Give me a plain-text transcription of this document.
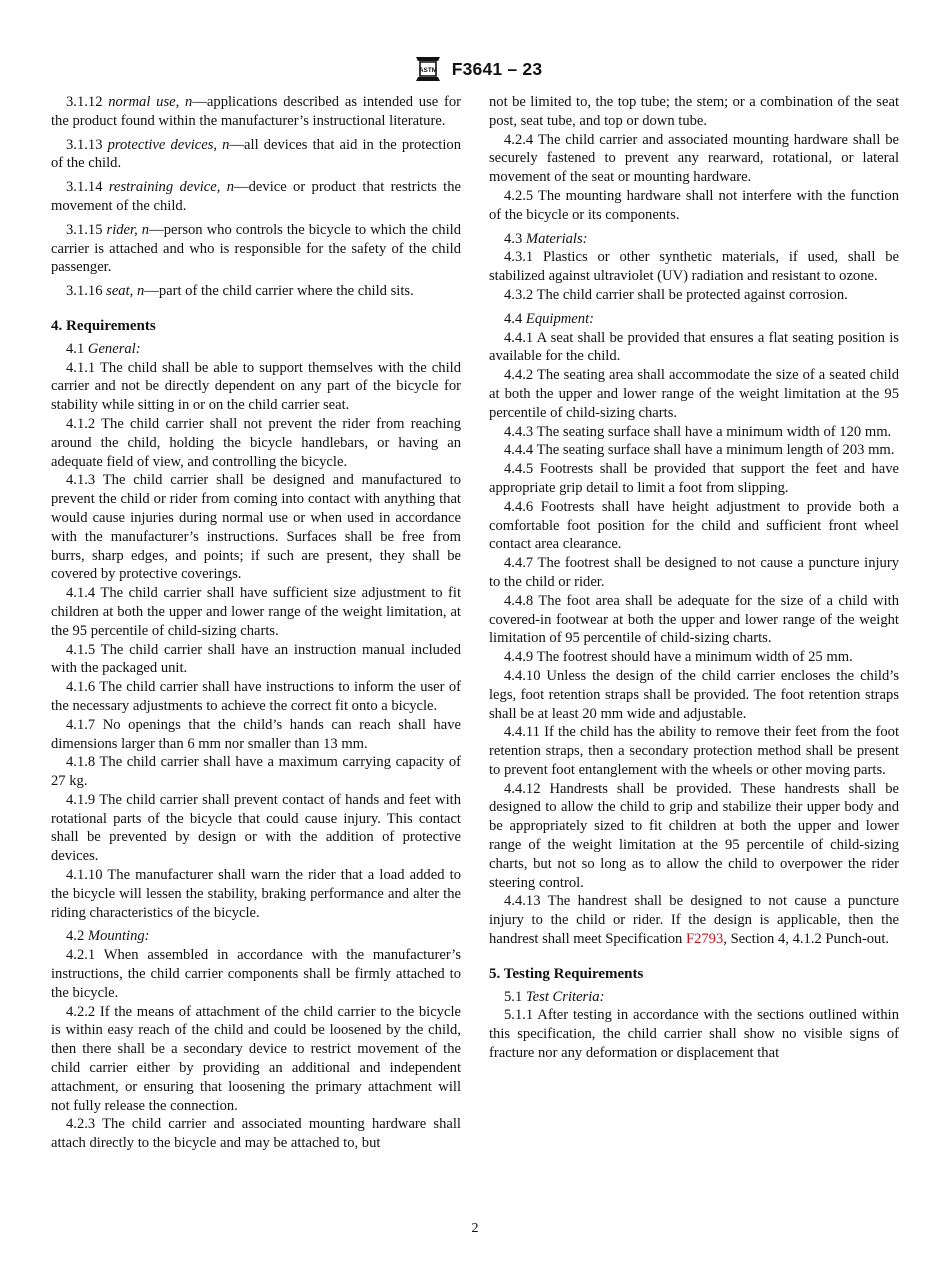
ASTM F3641 – 23

3.1.12 normal use, n—applications described as intended use for the product found within the manufacturer’s instructional literature.

3.1.13 protective devices, n—all devices that aid in the protection of the child.

3.1.14 restraining device, n—device or product that restricts the movement of the child.

3.1.15 rider, n—person who controls the bicycle to which the child carrier is attached and who is responsible for the safety of the child passenger.

3.1.16 seat, n—part of the child carrier where the child sits.

4. Requirements

4.1 General:

4.1.1 The child shall be able to support themselves with the child carrier and not be directly dependent on any part of the bicycle for stability while sitting in or on the child carrier seat.

4.1.2 The child carrier shall not prevent the rider from reaching around the child, holding the bicycle handlebars, or having an adequate field of view, and controlling the bicycle.

4.1.3 The child carrier shall be designed and manufactured to prevent the child or rider from coming into contact with anything that would cause injuries during normal use or when used in accordance with the manufacturer’s instructions. Surfaces shall be free from burrs, sharp edges, and points; if such are present, they shall be covered by protective coverings.

4.1.4 The child carrier shall have sufficient size adjustment to fit children at both the upper and lower range of the weight limitation, at the 95 percentile of child-sizing charts.

4.1.5 The child carrier shall have an instruction manual included with the packaged unit.

4.1.6 The child carrier shall have instructions to inform the user of the necessary adjustments to achieve the correct fit onto a bicycle.

4.1.7 No openings that the child’s hands can reach shall have dimensions larger than 6 mm nor smaller than 13 mm.

4.1.8 The child carrier shall have a maximum carrying capacity of 27 kg.

4.1.9 The child carrier shall prevent contact of hands and feet with rotational parts of the bicycle that could cause injury. This contact shall be prevented by design or with the addition of protective devices.

4.1.10 The manufacturer shall warn the rider that a load added to the bicycle will lessen the stability, braking performance and alter the riding characteristics of the bicycle.

4.2 Mounting:

4.2.1 When assembled in accordance with the manufacturer’s instructions, the child carrier components shall be firmly attached to the bicycle.

4.2.2 If the means of attachment of the child carrier to the bicycle is within easy reach of the child and could be loosened by the child, then there shall be a secondary device to restrict movement of the child carrier either by providing an additional and independent attachment, or ensuring that loosening the primary attachment will not fully release the connection.

4.2.3 The child carrier and associated mounting hardware shall attach directly to the bicycle and may be attached to, but

not be limited to, the top tube; the stem; or a combination of the seat post, seat tube, and top or down tube.

4.2.4 The child carrier and associated mounting hardware shall be securely fastened to prevent any rearward, rotational, or lateral movement of the seat or mounting hardware.

4.2.5 The mounting hardware shall not interfere with the function of the bicycle or its components.

4.3 Materials:

4.3.1 Plastics or other synthetic materials, if used, shall be stabilized against ultraviolet (UV) radiation and resistant to ozone.

4.3.2 The child carrier shall be protected against corrosion.

4.4 Equipment:

4.4.1 A seat shall be provided that ensures a flat seating position is available for the child.

4.4.2 The seating area shall accommodate the size of a seated child at both the upper and lower range of the weight limitation at the 95 percentile of child-sizing charts.

4.4.3 The seating surface shall have a minimum width of 120 mm.

4.4.4 The seating surface shall have a minimum length of 203 mm.

4.4.5 Footrests shall be provided that support the feet and have appropriate grip detail to limit a foot from slipping.

4.4.6 Footrests shall have height adjustment to provide both a comfortable foot position for the child and sufficient front wheel contact area clearance.

4.4.7 The footrest shall be designed to not cause a puncture injury to the child or rider.

4.4.8 The foot area shall be adequate for the size of a child with covered-in footwear at both the upper and lower range of the weight limitation of 95 percentile of child-sizing charts.

4.4.9 The footrest should have a minimum width of 25 mm.

4.4.10 Unless the design of the child carrier encloses the child’s legs, foot retention straps shall be provided. The foot retention straps shall be at least 20 mm wide and adjustable.

4.4.11 If the child has the ability to remove their feet from the foot retention straps, then a secondary protection method shall be present to prevent foot entanglement with the wheels or other moving parts.

4.4.12 Handrests shall be provided. These handrests shall be designed to allow the child to grip and stabilize their upper body and be appropriately sized to fit children at both the upper and lower range of the weight limitation at the 95 percentile of child-sizing charts, but not so long as to allow the child to overpower the rider steering control.

4.4.13 The handrest shall be designed to not cause a puncture injury to the child or rider. If the design is applicable, then the handrest shall meet Specification F2793, Section 4, 4.1.2 Punch-out.

5. Testing Requirements

5.1 Test Criteria:

5.1.1 After testing in accordance with the sections outlined within this specification, the child carrier shall show no visible signs of fracture nor any deformation or displacement that

2
